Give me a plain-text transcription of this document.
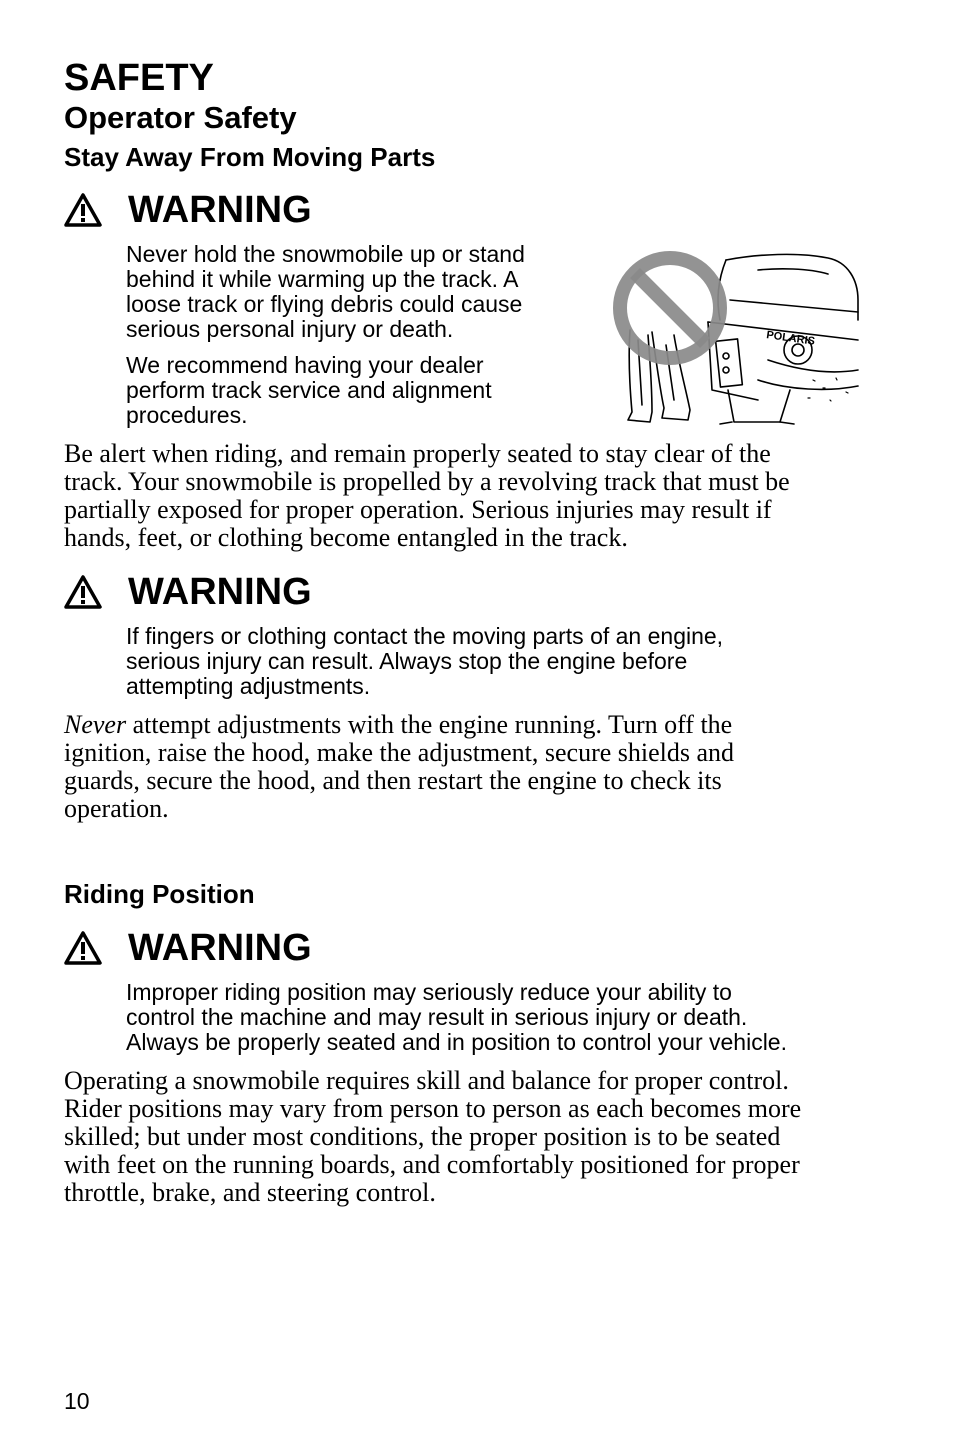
SAFETY
Operator Safety
Stay Away From Moving Parts
WARNING

Never hold the snowmobile up or stand
behind it while warming up the track. A
loose track or flying debris could cause
serious personal injury or death.

We recommend having your dealer
perform track service and alignment
procedures.

POLARIS

Be alert when riding, and remain properly seated to stay clear of the
track. Your snowmobile is propelled by a revolving track that must be
partially exposed for proper operation. Serious injuries may result if
hands, feet, or clothing become entangled in the track.

WARNING

If fingers or clothing contact the moving parts of an engine,
serious injury can result. Always stop the engine before
attempting adjustments.

Never attempt adjustments with the engine running. Turn off the
ignition, raise the hood, make the adjustment, secure shields and
guards, secure the hood, and then restart the engine to check its
operation.

Riding Position
WARNING

Improper riding position may seriously reduce your ability to
control the machine and may result in serious injury or death.
Always be properly seated and in position to control your vehicle.

Operating a snowmobile requires skill and balance for proper control.
Rider positions may vary from person to person as each becomes more
skilled; but under most conditions, the proper position is to be seated
with feet on the running boards, and comfortably positioned for proper
throttle, brake, and steering control.

10
